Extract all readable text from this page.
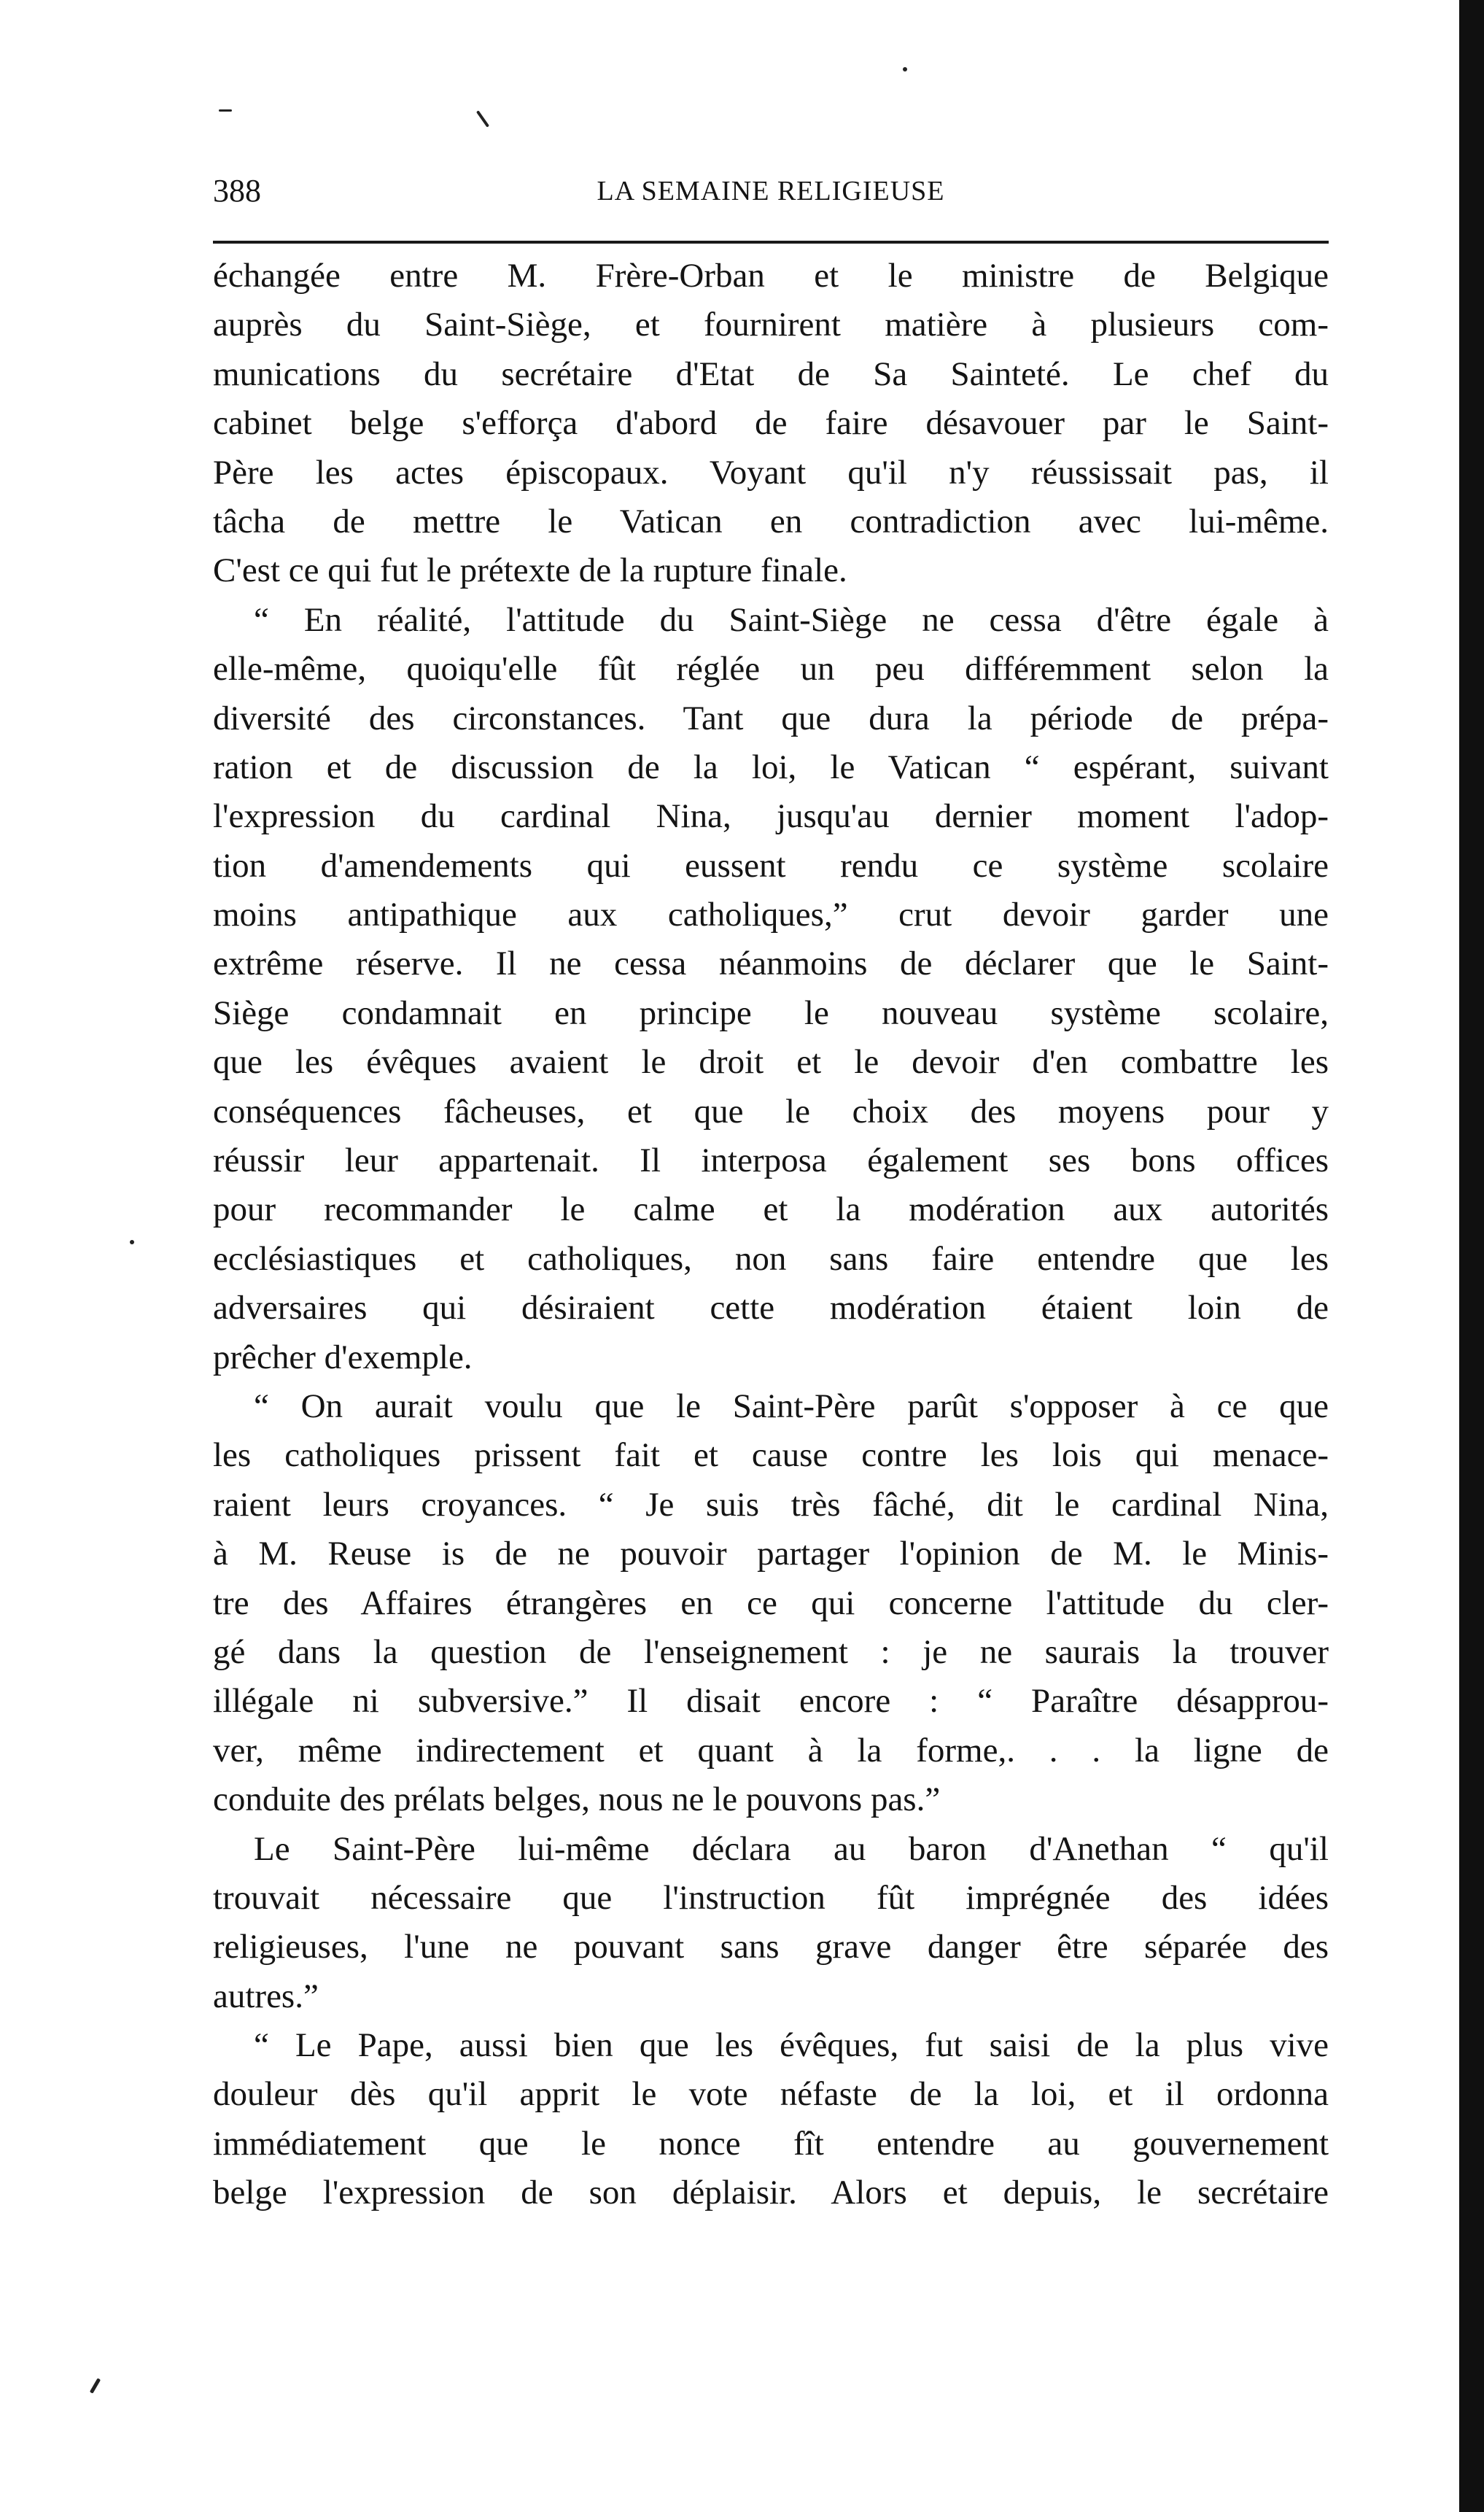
388	LA SEMAINE RELIGIEUSE
échangée entre M. Frère-Orban et le ministre de Belgique
auprès du Saint-Siège, et fournirent matière à plusieurs com-
munications du secrétaire d'Etat de Sa Sainteté. Le chef du
cabinet belge s'efforça d'abord de faire désavouer par le Saint-
Père les actes épiscopaux. Voyant qu'il n'y réussissait pas, il
tâcha de mettre le Vatican en contradiction avec lui-même.
C'est ce qui fut le prétexte de la rupture finale.
“ En réalité, l'attitude du Saint-Siège ne cessa d'être égale à
elle-même, quoiqu'elle fût réglée un peu différemment selon la
diversité des circonstances. Tant que dura la période de prépa-
ration et de discussion de la loi, le Vatican “ espérant, suivant
l'expression du cardinal Nina, jusqu'au dernier moment l'adop-
tion d'amendements qui eussent rendu ce système scolaire
moins antipathique aux catholiques,” crut devoir garder une
extrême réserve. Il ne cessa néanmoins de déclarer que le Saint-
Siège condamnait en principe le nouveau système scolaire,
que les évêques avaient le droit et le devoir d'en combattre les
conséquences fâcheuses, et que le choix des moyens pour y
réussir leur appartenait. Il interposa également ses bons offices
pour recommander le calme et la modération aux autorités
ecclésiastiques et catholiques, non sans faire entendre que les
adversaires qui désiraient cette modération étaient loin de
prêcher d'exemple.
“ On aurait voulu que le Saint-Père parût s'opposer à ce que
les catholiques prissent fait et cause contre les lois qui menace-
raient leurs croyances. “ Je suis très fâché, dit le cardinal Nina,
à M. Reuse is de ne pouvoir partager l'opinion de M. le Minis-
tre des Affaires étrangères en ce qui concerne l'attitude du cler-
gé dans la question de l'enseignement : je ne saurais la trouver
illégale ni subversive.” Il disait encore : “ Paraître désapprou-
ver, même indirectement et quant à la forme,. . . la ligne de
conduite des prélats belges, nous ne le pouvons pas.”
Le Saint-Père lui-même déclara au baron d'Anethan “ qu'il
trouvait nécessaire que l'instruction fût imprégnée des idées
religieuses, l'une ne pouvant sans grave danger être séparée des
autres.”
“ Le Pape, aussi bien que les évêques, fut saisi de la plus vive
douleur dès qu'il apprit le vote néfaste de la loi, et il ordonna
immédiatement que le nonce fît entendre au gouvernement
belge l'expression de son déplaisir. Alors et depuis, le secrétaire
